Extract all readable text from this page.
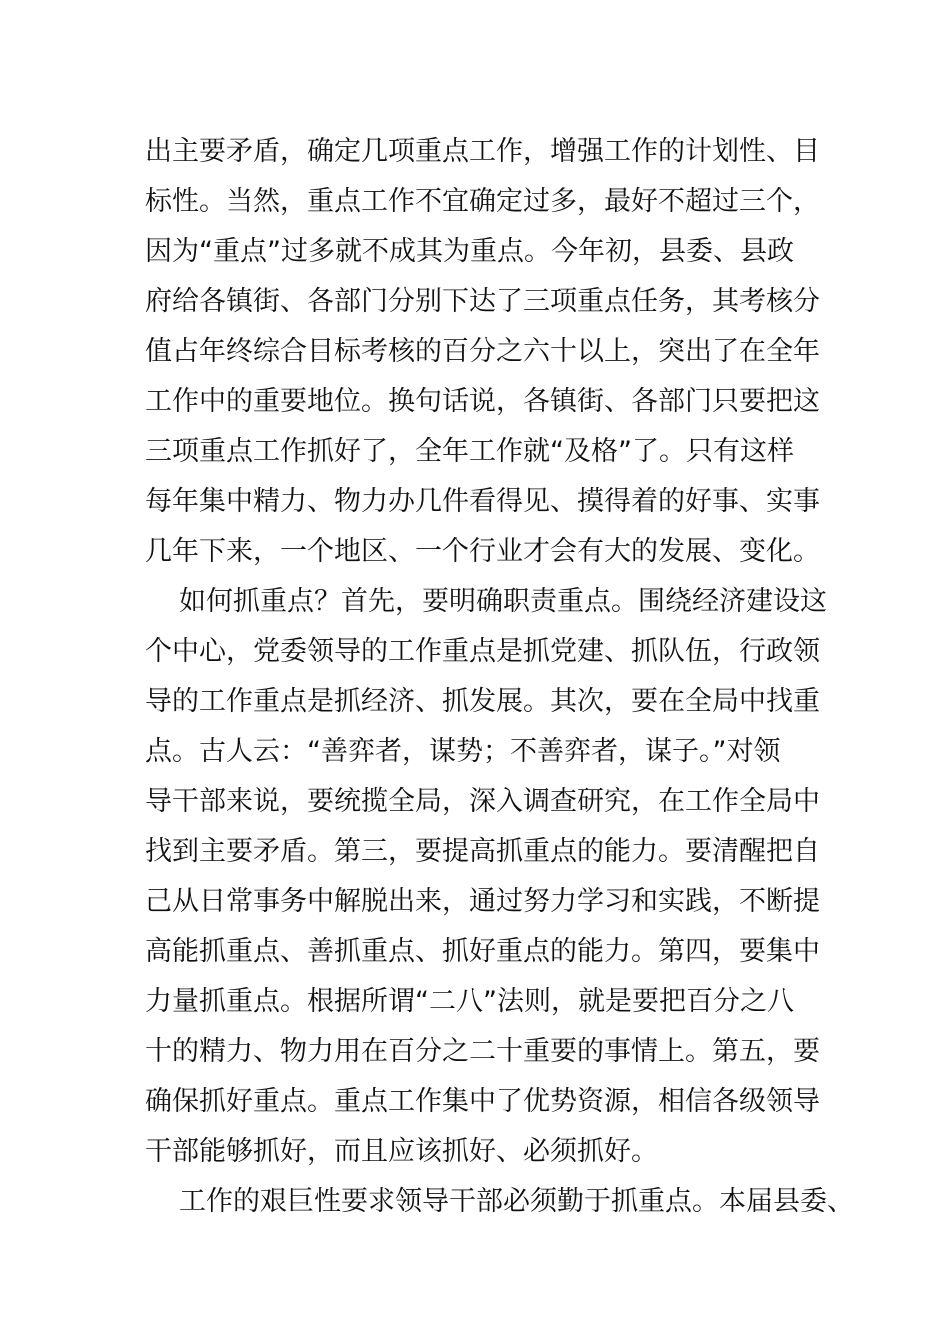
出主要矛盾，确定几项重点工作，增强工作的计划性、目
标性。当然，重点工作不宜确定过多，最好不超过三个，
因为“重点”过多就不成其为重点。今年初，县委、县政
府给各镇街、各部门分别下达了三项重点任务，其考核分
值占年终综合目标考核的百分之六十以上，突出了在全年
工作中的重要地位。换句话说，各镇街、各部门只要把这
三项重点工作抓好了，全年工作就“及格”了。只有这样
每年集中精力、物力办几件看得见、摸得着的好事、实事
几年下来，一个地区、一个行业才会有大的发展、变化。
如何抓重点？首先，要明确职责重点。围绕经济建设这
个中心，党委领导的工作重点是抓党建、抓队伍，行政领
导的工作重点是抓经济、抓发展。其次，要在全局中找重
点。古人云：“善弈者，谋势；不善弈者，谋子。”对领
导干部来说，要统揽全局，深入调查研究，在工作全局中
找到主要矛盾。第三，要提高抓重点的能力。要清醒把自
己从日常事务中解脱出来，通过努力学习和实践，不断提
高能抓重点、善抓重点、抓好重点的能力。第四，要集中
力量抓重点。根据所谓“二八”法则，就是要把百分之八
十的精力、物力用在百分之二十重要的事情上。第五，要
确保抓好重点。重点工作集中了优势资源，相信各级领导
干部能够抓好，而且应该抓好、必须抓好。
工作的艰巨性要求领导干部必须勤于抓重点。本届县委、
